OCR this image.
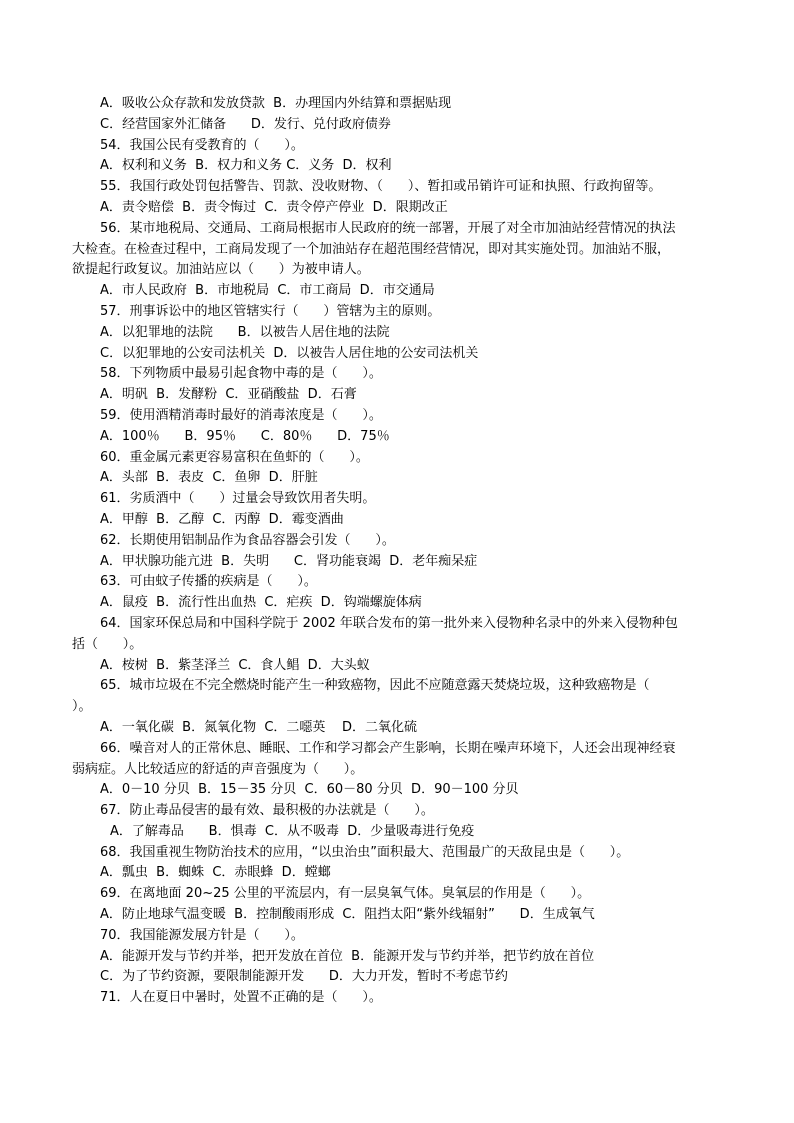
A．吸收公众存款和发放贷款  B．办理国内外结算和票据贴现
C．经营国家外汇储备      D．发行、兑付政府债券
54．我国公民有受教育的（      ）。
A．权利和义务  B．权力和义务 C．义务  D．权利
55．我国行政处罚包括警告、罚款、没收财物、（      ）、暂扣或吊销许可证和执照、行政拘留等。
A．责令赔偿  B．责令悔过  C．责令停产停业  D．限期改正
56．某市地税局、交通局、工商局根据市人民政府的统一部署，开展了对全市加油站经营情况的执法
大检查。在检查过程中，工商局发现了一个加油站存在超范围经营情况，即对其实施处罚。加油站不服，
欲提起行政复议。加油站应以（      ）为被申请人。
A．市人民政府  B．市地税局  C．市工商局  D．市交通局
57．刑事诉讼中的地区管辖实行（      ）管辖为主的原则。
A．以犯罪地的法院      B．以被告人居住地的法院
C．以犯罪地的公安司法机关  D．以被告人居住地的公安司法机关
58．下列物质中最易引起食物中毒的是（      ）。
A．明矾  B．发酵粉  C．亚硝酸盐  D．石膏
59．使用酒精消毒时最好的消毒浓度是（      ）。
A．100％      B．95％      C．80％      D．75％
60．重金属元素更容易富积在鱼虾的（      ）。
A．头部  B．表皮  C．鱼卵  D．肝脏
61．劣质酒中（      ）过量会导致饮用者失明。
A．甲醇  B．乙醇  C．丙醇  D．霉变酒曲
62．长期使用铝制品作为食品容器会引发（      ）。
A．甲状腺功能亢进  B．失明      C．肾功能衰竭  D．老年痴呆症
63．可由蚊子传播的疾病是（      ）。
A．鼠疫  B．流行性出血热  C．疟疾  D．钩端螺旋体病
64．国家环保总局和中国科学院于 2002 年联合发布的第一批外来入侵物种名录中的外来入侵物种包
括（      ）。
A．桉树  B．紫茎泽兰  C．食人鲳  D．大头蚁
65．城市垃圾在不完全燃烧时能产生一种致癌物，因此不应随意露天焚烧垃圾，这种致癌物是（
）。
A．一氧化碳  B．氮氧化物  C．二噁英    D．二氧化硫
66．噪音对人的正常休息、睡眠、工作和学习都会产生影响，长期在噪声环境下，人还会出现神经衰
弱病症。人比较适应的舒适的声音强度为（      ）。
A．0－10 分贝  B．15－35 分贝  C．60－80 分贝  D．90－100 分贝
67．防止毒品侵害的最有效、最积极的办法就是（      ）。
A．了解毒品      B．惧毒  C．从不吸毒  D．少量吸毒进行免疫
68．我国重视生物防治技术的应用，“以虫治虫”面积最大、范围最广的天敌昆虫是（      ）。
A．瓢虫  B．蜘蛛  C．赤眼蜂  D．螳螂
69．在离地面 20~25 公里的平流层内，有一层臭氧气体。臭氧层的作用是（      ）。
A．防止地球气温变暖  B．控制酸雨形成  C．阻挡太阳“紫外线辐射”      D．生成氧气
70．我国能源发展方针是（      ）。
A．能源开发与节约并举，把开发放在首位  B．能源开发与节约并举，把节约放在首位
C．为了节约资源，要限制能源开发      D．大力开发，暂时不考虑节约
71．人在夏日中暑时，处置不正确的是（      ）。
